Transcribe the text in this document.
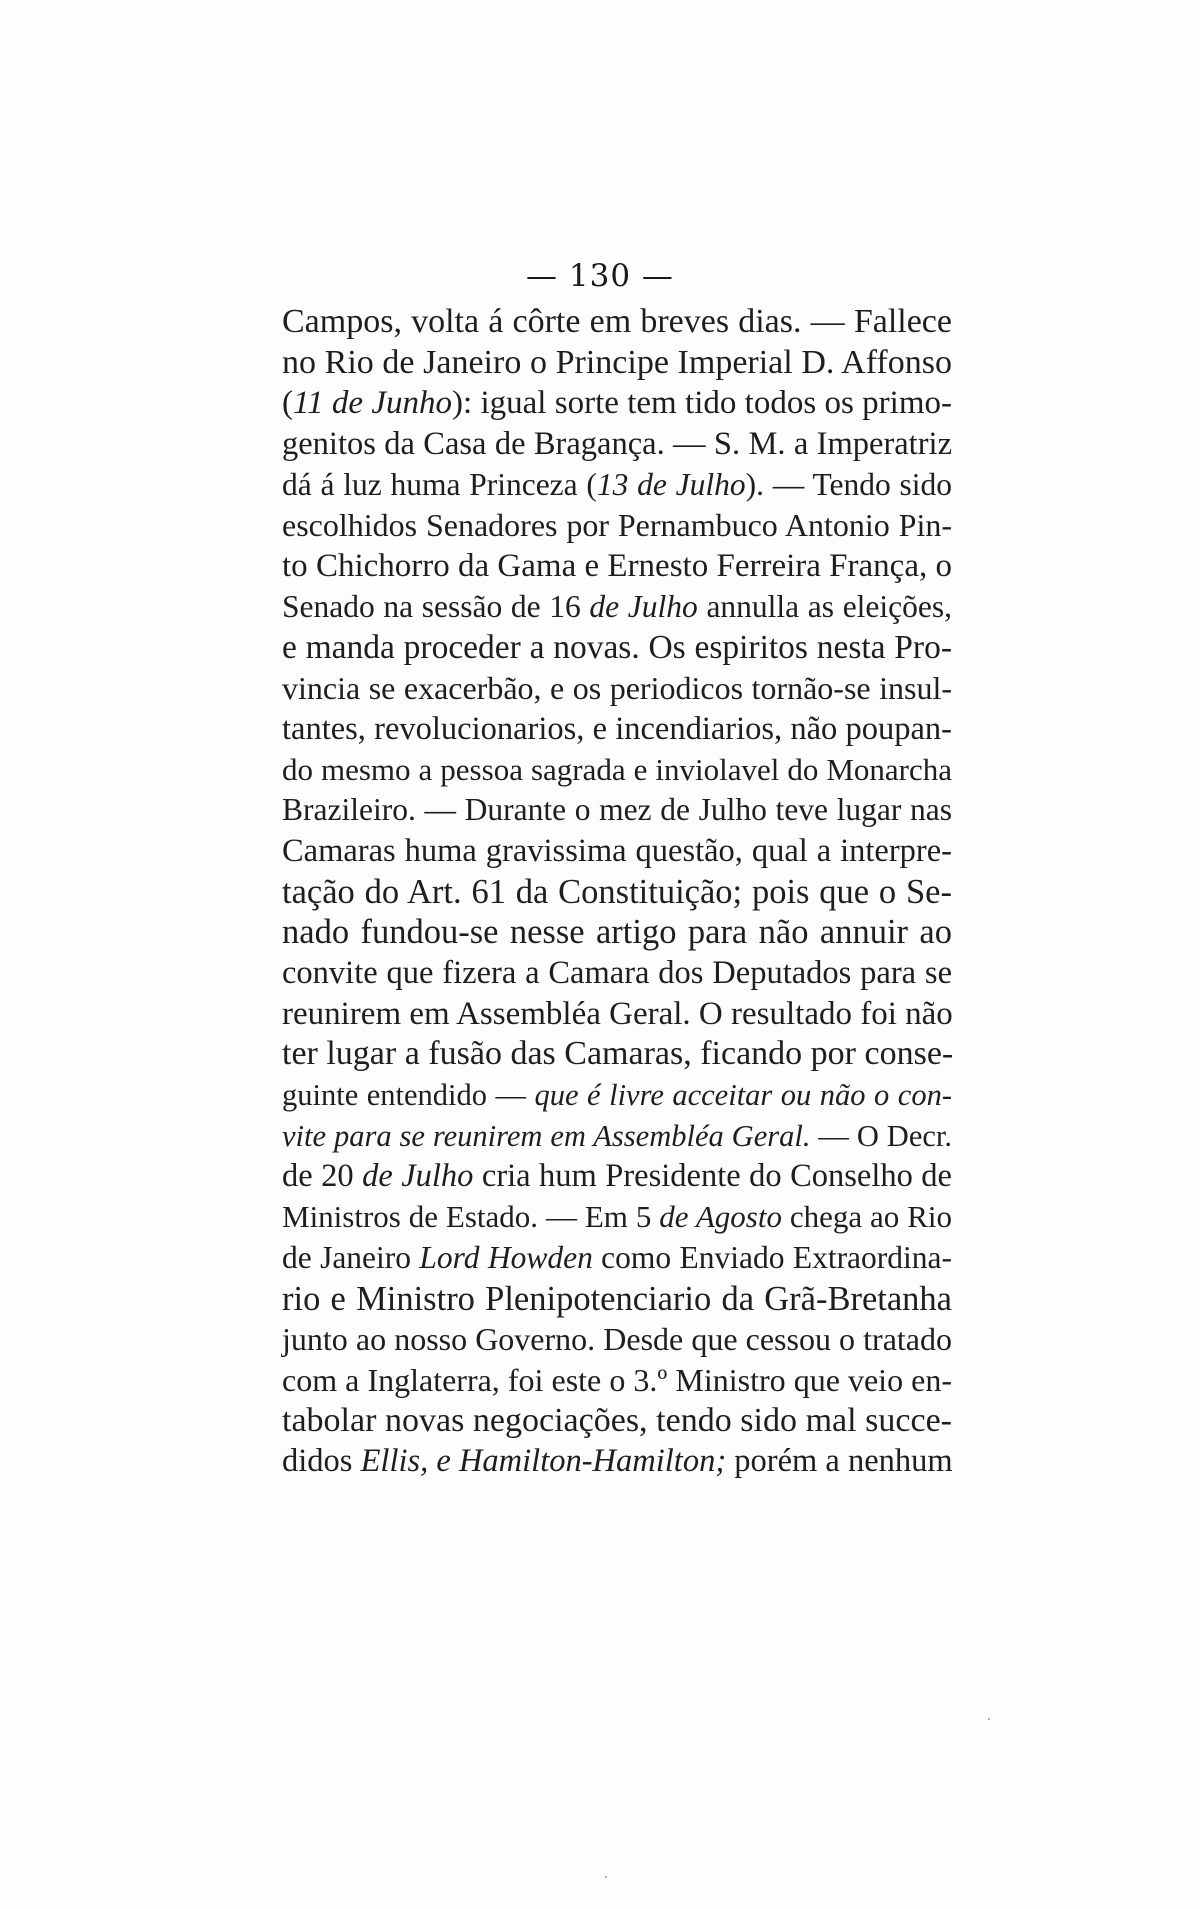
— 130 —
Campos, volta á côrte em breves dias. — Fallece
no Rio de Janeiro o Principe Imperial D. Affonso
(11 de Junho): igual sorte tem tido todos os primo-
genitos da Casa de Bragança. — S. M. a Imperatriz
dá á luz huma Princeza (13 de Julho). — Tendo sido
escolhidos Senadores por Pernambuco Antonio Pin-
to Chichorro da Gama e Ernesto Ferreira França, o
Senado na sessão de 16 de Julho annulla as eleições,
e manda proceder a novas. Os espiritos nesta Pro-
vincia se exacerbão, e os periodicos tornão-se insul-
tantes, revolucionarios, e incendiarios, não poupan-
do mesmo a pessoa sagrada e inviolavel do Monarcha
Brazileiro. — Durante o mez de Julho teve lugar nas
Camaras huma gravissima questão, qual a interpre-
tação do Art. 61 da Constituição; pois que o Se-
nado fundou-se nesse artigo para não annuir ao
convite que fizera a Camara dos Deputados para se
reunirem em Assembléa Geral. O resultado foi não
ter lugar a fusão das Camaras, ficando por conse-
guinte entendido — que é livre acceitar ou não o con-
vite para se reunirem em Assembléa Geral. — O Decr.
de 20 de Julho cria hum Presidente do Conselho de
Ministros de Estado. — Em 5 de Agosto chega ao Rio
de Janeiro Lord Howden como Enviado Extraordina-
rio e Ministro Plenipotenciario da Grã-Bretanha
junto ao nosso Governo. Desde que cessou o tratado
com a Inglaterra, foi este o 3.º Ministro que veio en-
tabolar novas negociações, tendo sido mal succe-
didos Ellis, e Hamilton-Hamilton; porém a nenhum
